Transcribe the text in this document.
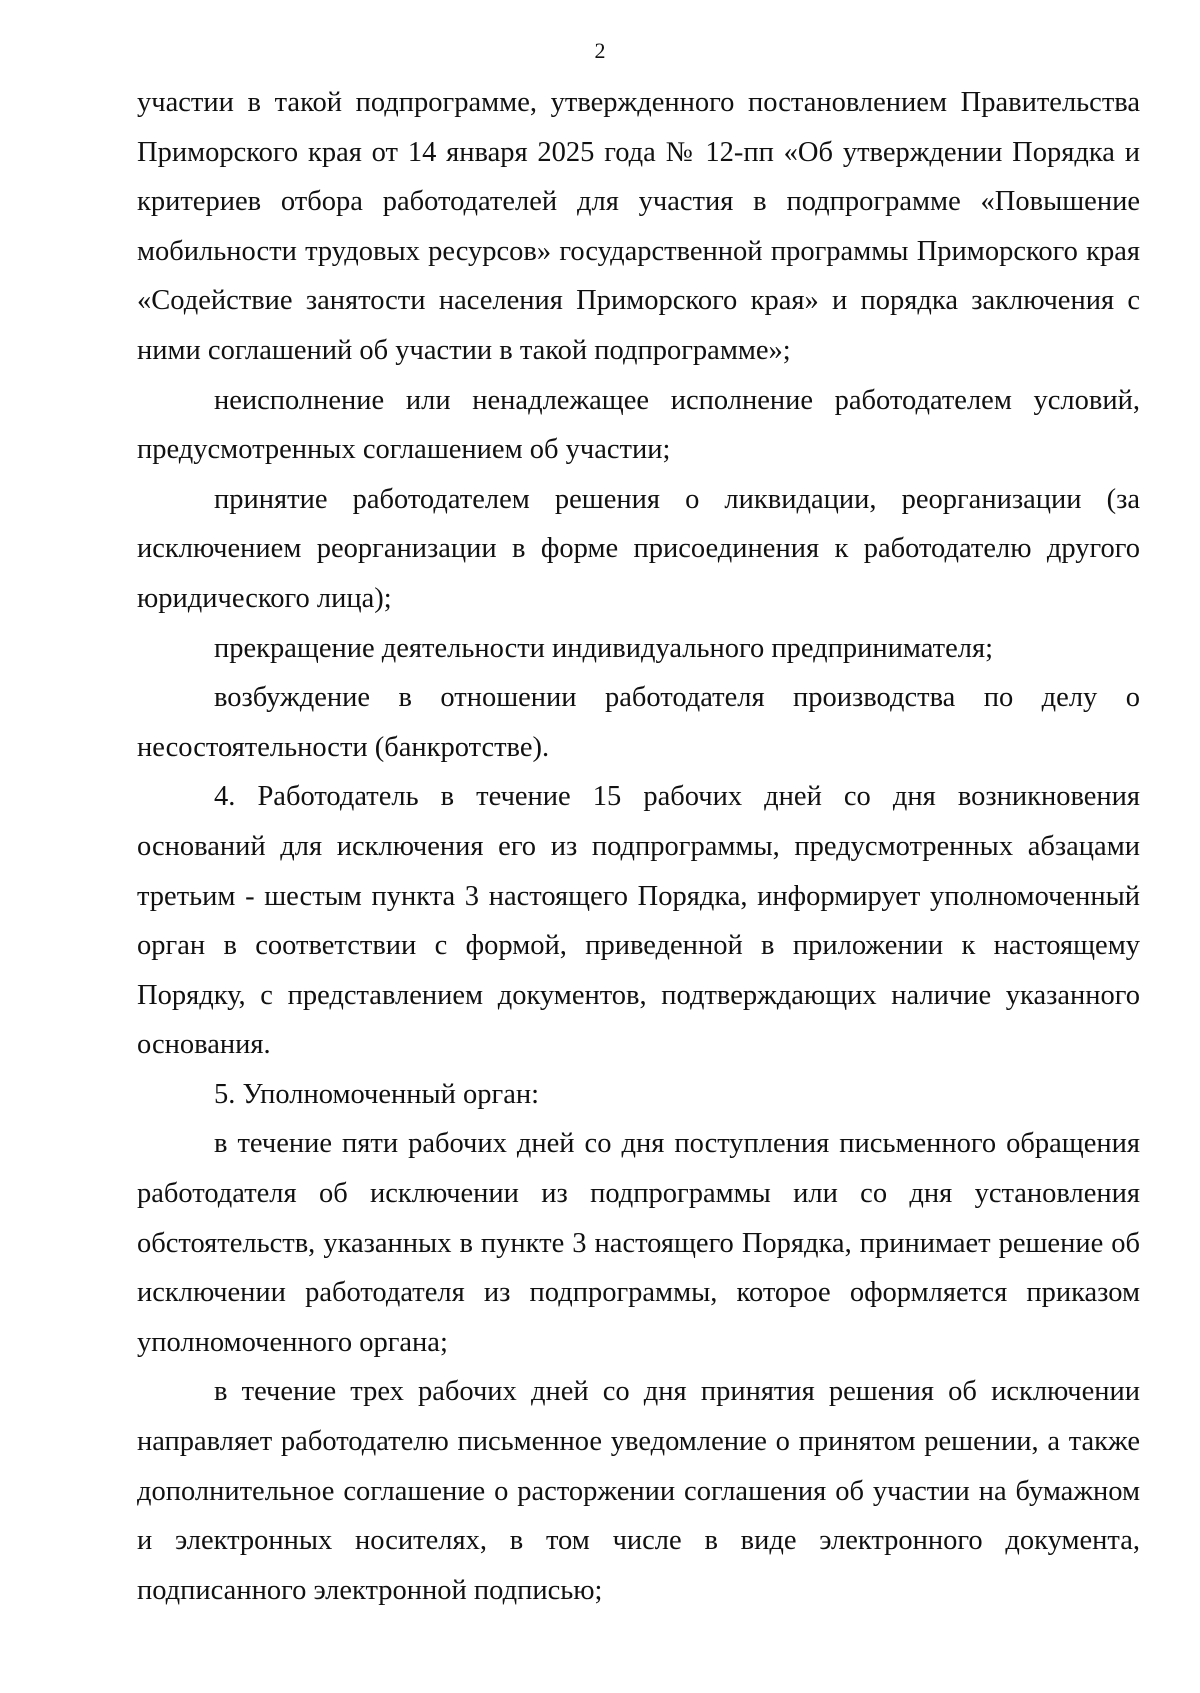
2

участии в такой подпрограмме, утвержденного постановлением Правительства Приморского края от 14 января 2025 года № 12-пп «Об утверждении Порядка и критериев отбора работодателей для участия в подпрограмме «Повышение мобильности трудовых ресурсов» государственной программы Приморского края «Содействие занятости населения Приморского края» и порядка заключения с ними соглашений об участии в такой подпрограмме»;

неисполнение или ненадлежащее исполнение работодателем условий, предусмотренных соглашением об участии;

принятие работодателем решения о ликвидации, реорганизации (за исключением реорганизации в форме присоединения к работодателю другого юридического лица);

прекращение деятельности индивидуального предпринимателя;

возбуждение в отношении работодателя производства по делу о несостоятельности (банкротстве).

4. Работодатель в течение 15 рабочих дней со дня возникновения оснований для исключения его из подпрограммы, предусмотренных абзацами третьим - шестым пункта 3 настоящего Порядка, информирует уполномоченный орган в соответствии с формой, приведенной в приложении к настоящему Порядку, с представлением документов, подтверждающих наличие указанного основания.

5. Уполномоченный орган:

в течение пяти рабочих дней со дня поступления письменного обращения работодателя об исключении из подпрограммы или со дня установления обстоятельств, указанных в пункте 3 настоящего Порядка, принимает решение об исключении работодателя из подпрограммы, которое оформляется приказом уполномоченного органа;

в течение трех рабочих дней со дня принятия решения об исключении направляет работодателю письменное уведомление о принятом решении, а также дополнительное соглашение о расторжении соглашения об участии на бумажном и электронных носителях, в том числе в виде электронного документа, подписанного электронной подписью;
